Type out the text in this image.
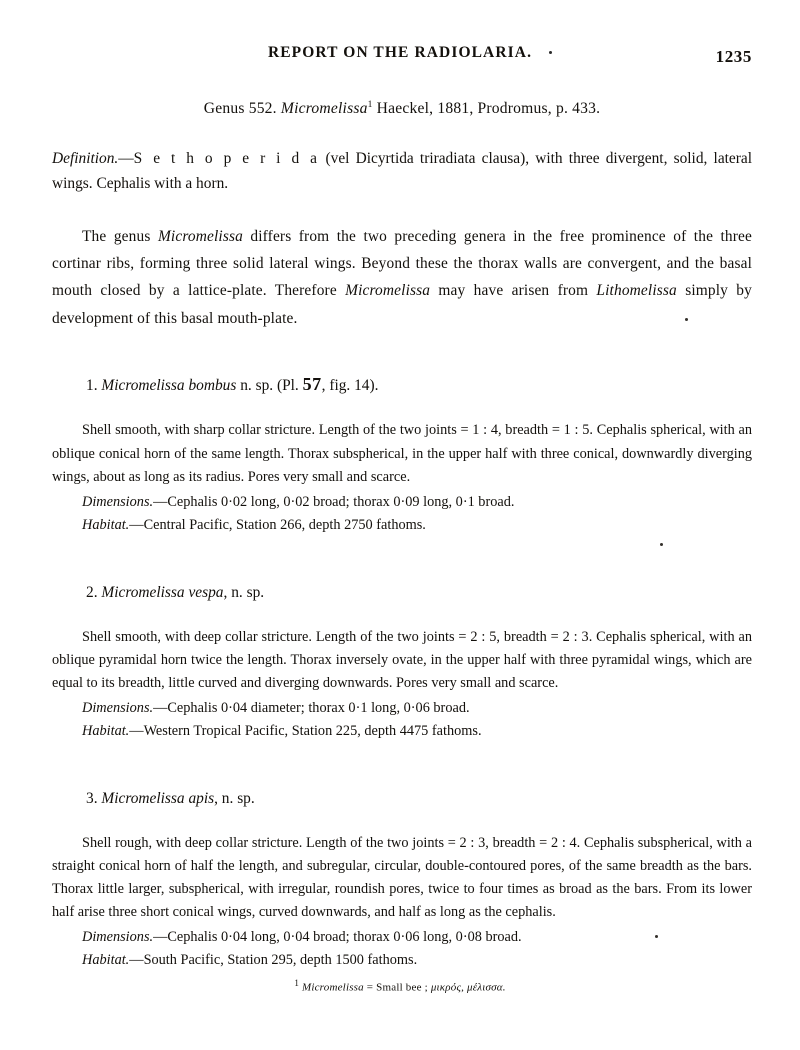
REPORT ON THE RADIOLARIA.	1235

Genus 552. Micromelissa$^1$ Haeckel, 1881, Prodromus, p. 433.

Definition.—S e t h o p e r i d a (vel Dicyrtida triradiata clausa), with three divergent, solid, lateral wings. Cephalis with a horn.

The genus Micromelissa differs from the two preceding genera in the free prominence of the three cortinar ribs, forming three solid lateral wings. Beyond these the thorax walls are convergent, and the basal mouth closed by a lattice-plate. Therefore Micromelissa may have arisen from Lithomelissa simply by development of this basal mouth-plate.

1. Micromelissa bombus n. sp. (Pl. 57, fig. 14).

Shell smooth, with sharp collar stricture. Length of the two joints = 1 : 4, breadth = 1 : 5. Cephalis spherical, with an oblique conical horn of the same length. Thorax subspherical, in the upper half with three conical, downwardly diverging wings, about as long as its radius. Pores very small and scarce.

Dimensions.—Cephalis 0·02 long, 0·02 broad; thorax 0·09 long, 0·1 broad.

Habitat.—Central Pacific, Station 266, depth 2750 fathoms.

2. Micromelissa vespa, n. sp.

Shell smooth, with deep collar stricture. Length of the two joints = 2 : 5, breadth = 2 : 3. Cephalis spherical, with an oblique pyramidal horn twice the length. Thorax inversely ovate, in the upper half with three pyramidal wings, which are equal to its breadth, little curved and diverging downwards. Pores very small and scarce.

Dimensions.—Cephalis 0·04 diameter; thorax 0·1 long, 0·06 broad.

Habitat.—Western Tropical Pacific, Station 225, depth 4475 fathoms.

3. Micromelissa apis, n. sp.

Shell rough, with deep collar stricture. Length of the two joints = 2 : 3, breadth = 2 : 4. Cephalis subspherical, with a straight conical horn of half the length, and subregular, circular, double-contoured pores, of the same breadth as the bars. Thorax little larger, subspherical, with irregular, roundish pores, twice to four times as broad as the bars. From its lower half arise three short conical wings, curved downwards, and half as long as the cephalis.

Dimensions.—Cephalis 0·04 long, 0·04 broad; thorax 0·06 long, 0·08 broad.

Habitat.—South Pacific, Station 295, depth 1500 fathoms.

$^1$ Micromelissa = Small bee ; μικρός, μέλισσα.
